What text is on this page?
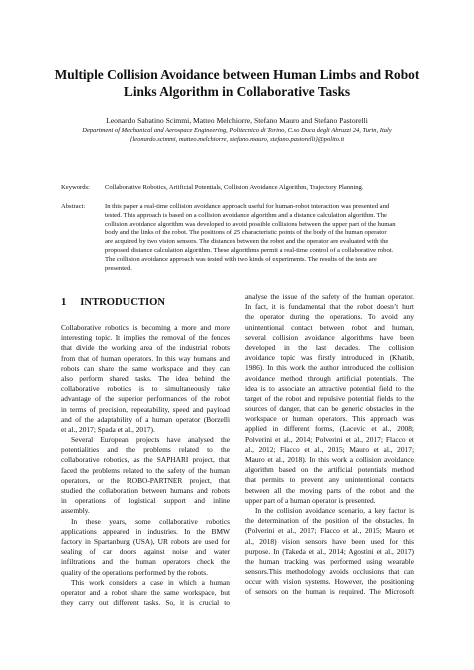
Multiple Collision Avoidance between Human Limbs and Robot
Links Algorithm in Collaborative Tasks
Leonardo Sabatino Scimmi, Matteo Melchiorre, Stefano Mauro and Stefano Pastorelli
Department of Mechanical and Aerospace Engineering, Politecnico di Torino, C.so Duca degli Abruzzi 24, Turin, Italy
{leonardo.scimmi, matteo.melchiorre, stefano.mauro, stefano.pastorelli}@polito.it
Keywords:	Collaborative Robotics, Artificial Potentials, Collision Avoidance Algorithm, Trajectory Planning.
Abstract:	In this paper a real-time collision avoidance approach useful for human-robot interaction was presented and
tested. This approach is based on a collision avoidance algorithm and a distance calculation algorithm. The
collision avoidance algorithm was developed to avoid possible collisions between the upper part of the human
body and the links of the robot. The positions of 25 characteristic points of the body of the human operator
are acquired by two vision sensors. The distances between the robot and the operator are evaluated with the
proposed distance calculation algorithm. These algorithms permit a real-time control of a collaborative robot.
The collision avoidance approach was tested with two kinds of experiments. The results of the tests are
presented.
1 INTRODUCTION
Collaborative robotics is becoming a more and more
interesting topic. It implies the removal of the fences
that divide the working area of the industrial robots
from that of human operators. In this way humans and
robots can share the same workspace and they can
also perform shared tasks. The idea behind the
collaborative robotics is to simultaneously take
advantage of the superior performances of the robot
in terms of precision, repeatability, speed and payload
and of the adaptability of a human operator (Borzelli
et al., 2017; Spada et al., 2017).
Several European projects have analysed the
potentialities and the problems related to the
collaborative robotics, as the SAPHARI project, that
faced the problems related to the safety of the human
operators, or the ROBO-PARTNER project, that
studied the collaboration between humans and robots
in operations of logistical support and inline
assembly.
In these years, some collaborative robotics
applications appeared in industries. In the BMW
factory in Spartanburg (USA), UR robots are used for
sealing of car doors against noise and water
infiltrations and the human operators check the
quality of the operations performed by the robots.
This work considers a case in which a human
operator and a robot share the same workspace, but
they carry out different tasks. So, it is crucial to
analyse the issue of the safety of the human operator.
In fact, it is fundamental that the robot doesn’t hurt
the operator during the operations. To avoid any
unintentional contact between robot and human,
several collision avoidance algorithms have been
developed in the last decades. The collision
avoidance topic was firstly introduced in (Khatib,
1986). In this work the author introduced the collision
avoidance method through artificial potentials. The
idea is to associate an attractive potential field to the
target of the robot and repulsive potential fields to the
sources of danger, that can be generic obstacles in the
workspace or human operators. This approach was
applied in different forms, (Lacevic et al., 2008;
Polverini et al., 2014; Polverini et al., 2017; Flacco et
al., 2012; Flacco et al., 2015; Mauro et al., 2017;
Mauro et al., 2018). In this work a collision avoidance
algorithm based on the artificial potentials method
that permits to prevent any unintentional contacts
between all the moving parts of the robot and the
upper part of a human operator is presented.
In the collision avoidance scenario, a key factor is
the determination of the position of the obstacles. In
(Polverini et al., 2017; Flacco et al., 2015; Mauro et
al., 2018) vision sensors have been used for this
purpose. In (Takeda et al., 2014; Agostini et al., 2017)
the human tracking was performed using wearable
sensors.This methodology avoids occlusions that can
occur with vision systems. However, the positioning
of sensors on the human is required. The Microsoft
